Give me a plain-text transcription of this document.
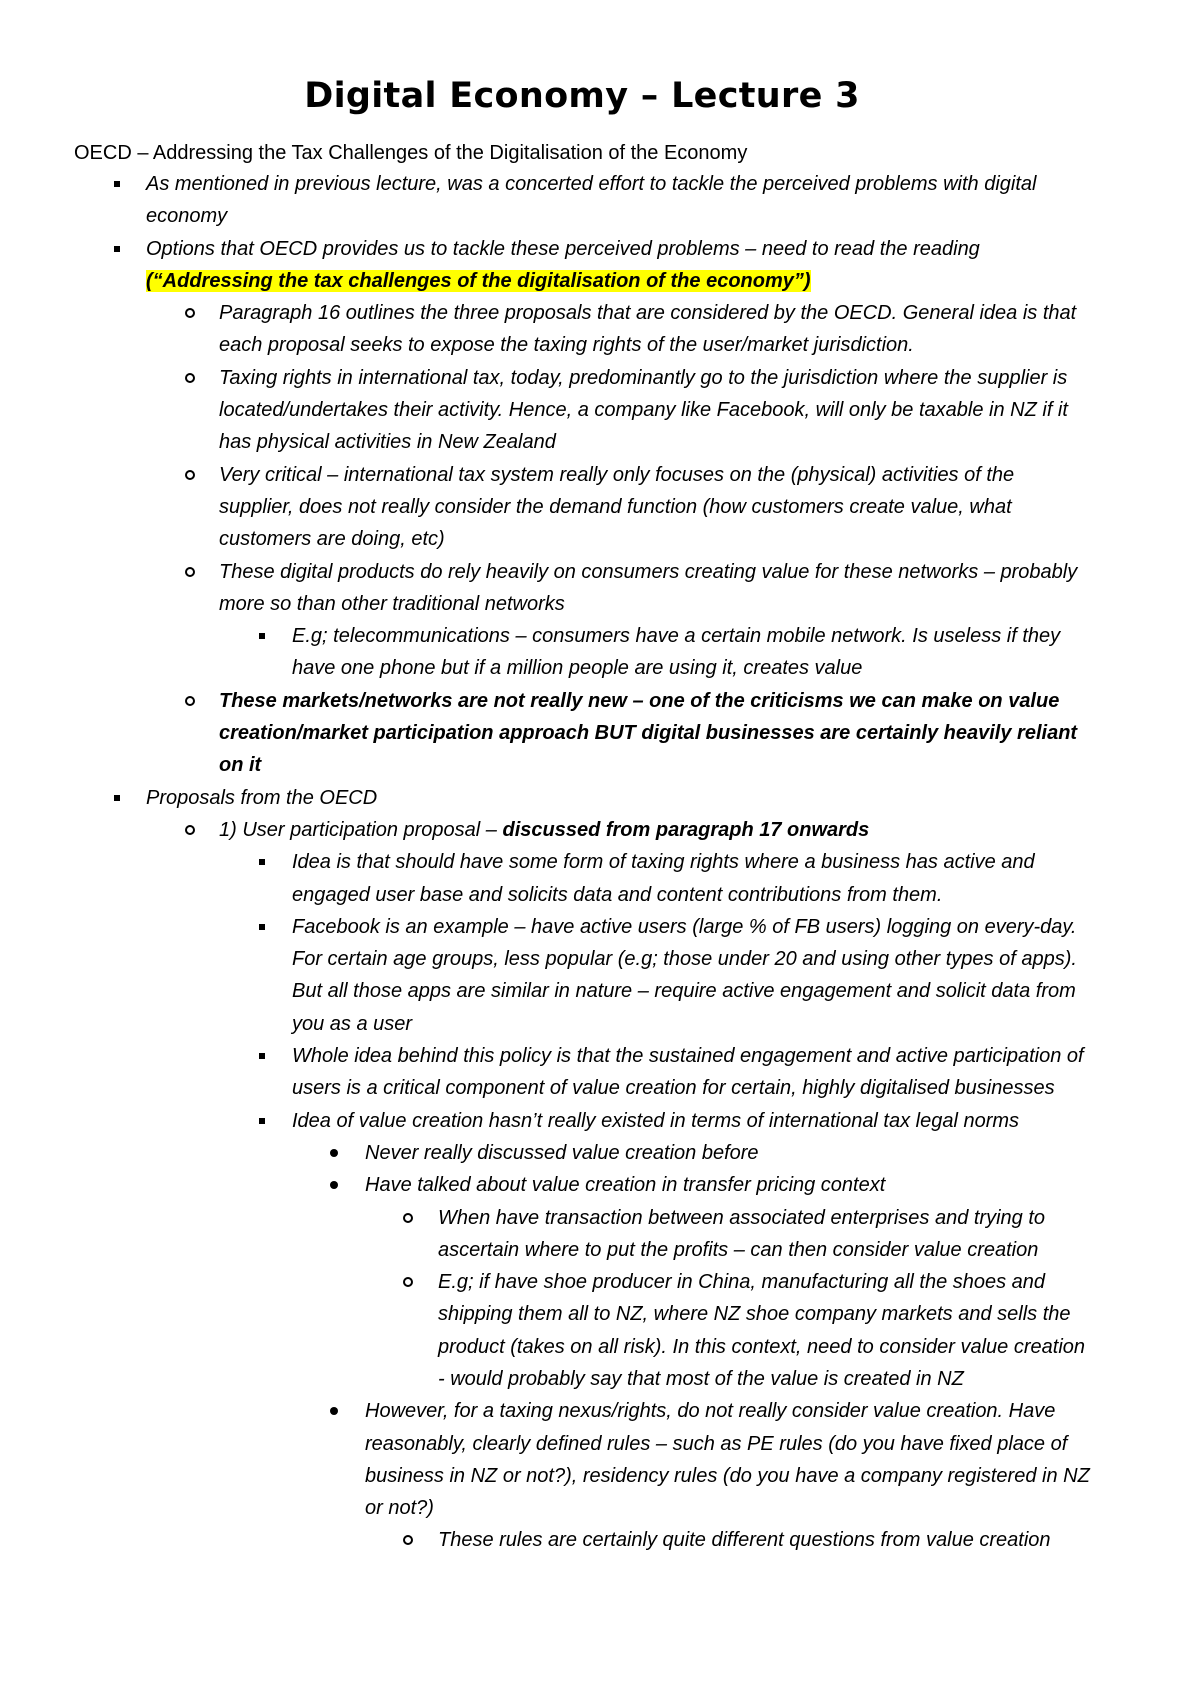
Digital Economy – Lecture 3

OECD – Addressing the Tax Challenges of the Digitalisation of the Economy

As mentioned in previous lecture, was a concerted effort to tackle the perceived problems with digital economy
Options that OECD provides us to tackle these perceived problems – need to read the reading
(“Addressing the tax challenges of the digitalisation of the economy”)
Paragraph 16 outlines the three proposals that are considered by the OECD. General idea is that each proposal seeks to expose the taxing rights of the user/market jurisdiction.
Taxing rights in international tax, today, predominantly go to the jurisdiction where the supplier is located/undertakes their activity. Hence, a company like Facebook, will only be taxable in NZ if it has physical activities in New Zealand
Very critical – international tax system really only focuses on the (physical) activities of the supplier, does not really consider the demand function (how customers create value, what customers are doing, etc)
These digital products do rely heavily on consumers creating value for these networks – probably more so than other traditional networks
E.g; telecommunications – consumers have a certain mobile network. Is useless if they have one phone but if a million people are using it, creates value
These markets/networks are not really new – one of the criticisms we can make on value creation/market participation approach BUT digital businesses are certainly heavily reliant on it
Proposals from the OECD
1) User participation proposal – discussed from paragraph 17 onwards
Idea is that should have some form of taxing rights where a business has active and engaged user base and solicits data and content contributions from them.
Facebook is an example – have active users (large % of FB users) logging on every-day. For certain age groups, less popular (e.g; those under 20 and using other types of apps). But all those apps are similar in nature – require active engagement and solicit data from you as a user
Whole idea behind this policy is that the sustained engagement and active participation of users is a critical component of value creation for certain, highly digitalised businesses
Idea of value creation hasn’t really existed in terms of international tax legal norms
Never really discussed value creation before
Have talked about value creation in transfer pricing context
When have transaction between associated enterprises and trying to ascertain where to put the profits – can then consider value creation
E.g; if have shoe producer in China, manufacturing all the shoes and shipping them all to NZ, where NZ shoe company markets and sells the product (takes on all risk). In this context, need to consider value creation - would probably say that most of the value is created in NZ
However, for a taxing nexus/rights, do not really consider value creation. Have reasonably, clearly defined rules – such as PE rules (do you have fixed place of business in NZ or not?), residency rules (do you have a company registered in NZ or not?)
These rules are certainly quite different questions from value creation
